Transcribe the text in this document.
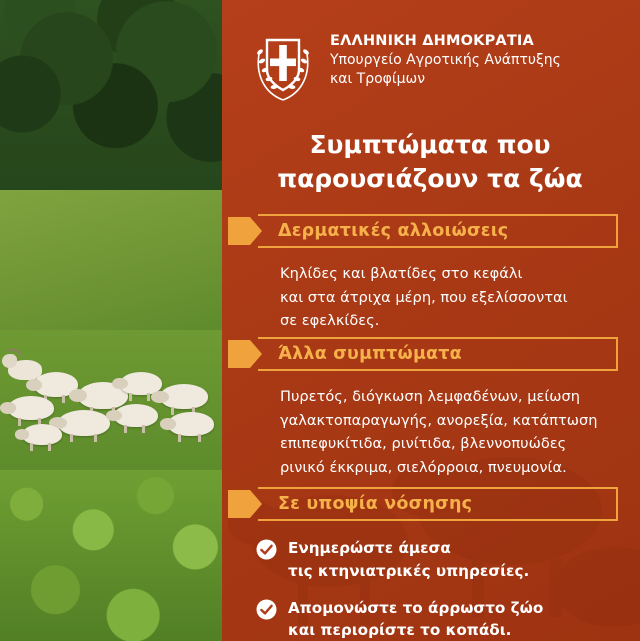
ΕΛΛΗΝΙΚΗ ΔΗΜΟΚΡΑΤΙΑ
Υπουργείο Αγροτικής Ανάπτυξης
και Τροφίμων
Συμπτώματα που
παρουσιάζουν τα ζώα
Δερματικές αλλοιώσεις
Κηλίδες και βλατίδες στο κεφάλι
και στα άτριχα μέρη, που εξελίσσονται
σε εφελκίδες.
Άλλα συμπτώματα
Πυρετός, διόγκωση λεμφαδένων, μείωση
γαλακτοπαραγωγής, ανορεξία, κατάπτωση
επιπεφυκίτιδα, ρινίτιδα, βλεννοπυώδες
ρινικό έκκριμα, σιελόρροια, πνευμονία.
Σε υποψία νόσησης
Ενημερώστε άμεσα
τις κτηνιατρικές υπηρεσίες.
Απομονώστε το άρρωστο ζώο
και περιορίστε το κοπάδι.
